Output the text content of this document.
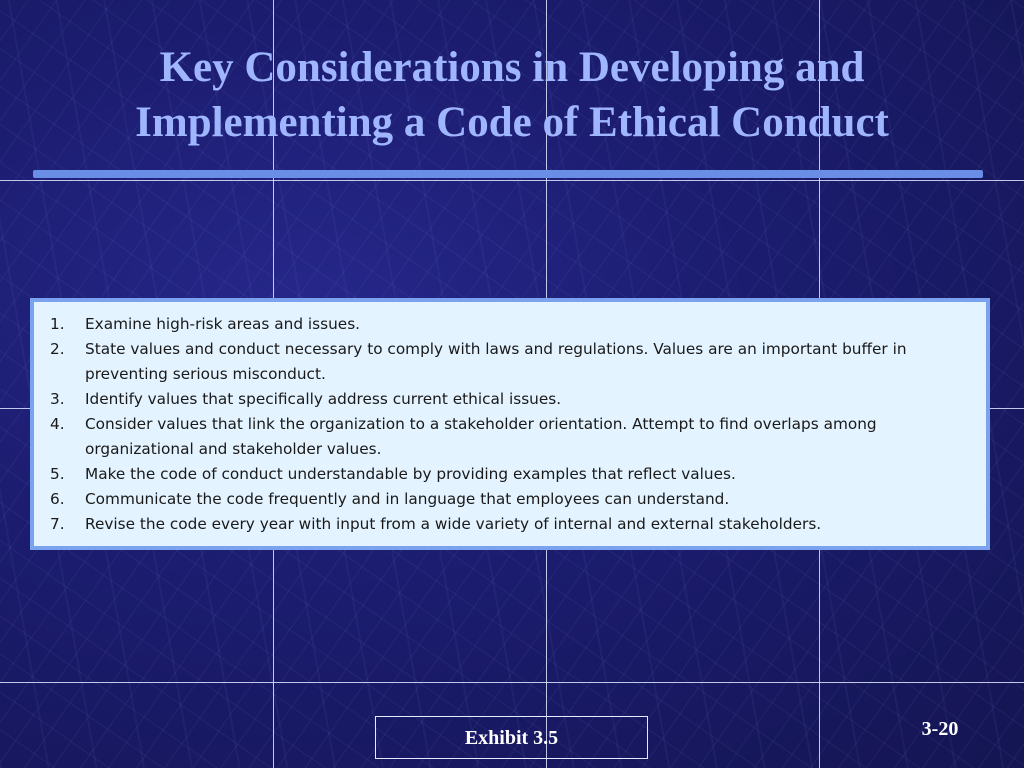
Key Considerations in Developing and
Implementing a Code of Ethical Conduct
1.	Examine high-risk areas and issues.
2.	State values and conduct necessary to comply with laws and regulations. Values are an important buffer in preventing serious misconduct.
3.	Identify values that specifically address current ethical issues.
4.	Consider values that link the organization to a stakeholder orientation. Attempt to find overlaps among organizational and stakeholder values.
5.	Make the code of conduct understandable by providing examples that reflect values.
6.	Communicate the code frequently and in language that employees can understand.
7.	Revise the code every year with input from a wide variety of internal and external stakeholders.
Exhibit 3.5	3-20
